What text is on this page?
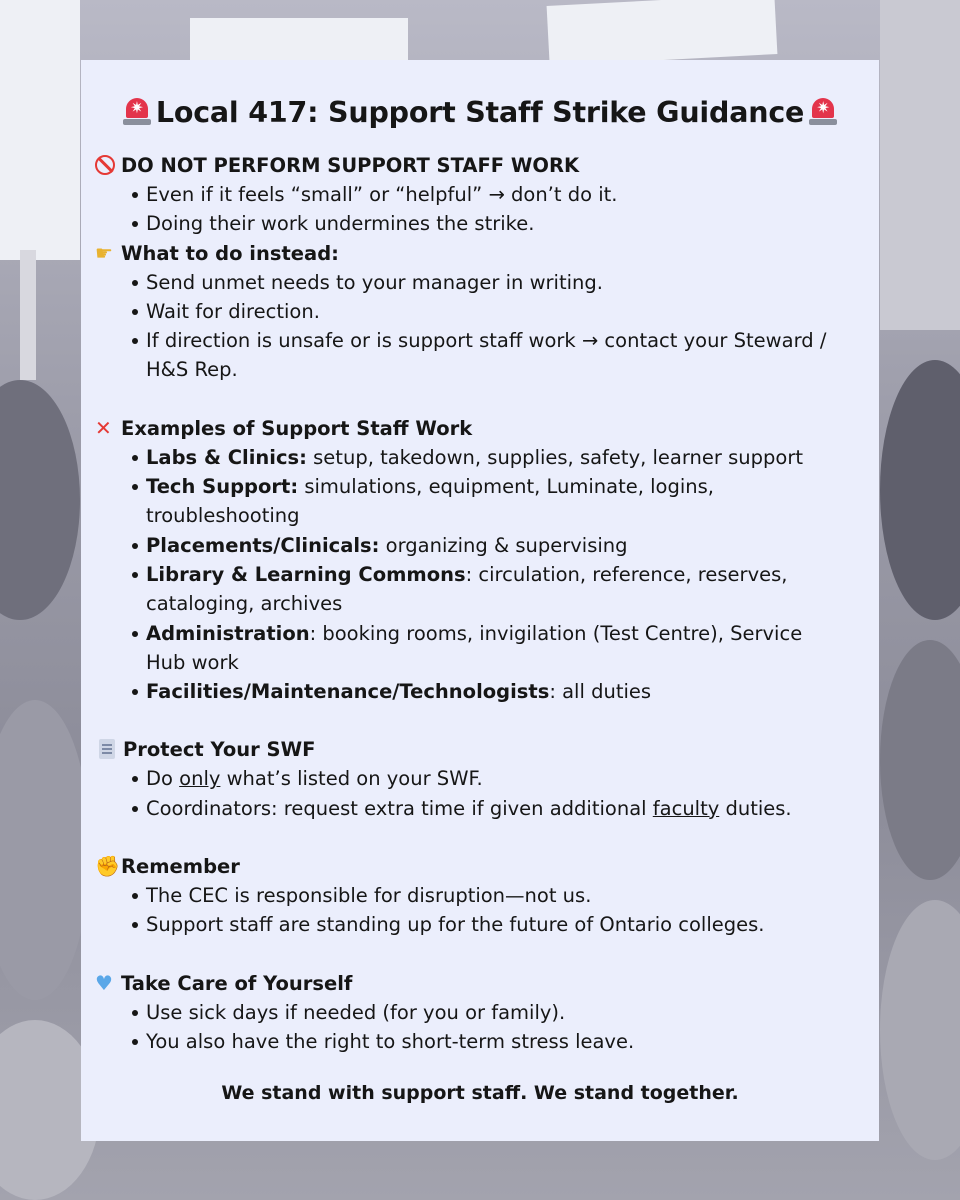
✷ Local 417: Support Staff Strike Guidance ✷
DO NOT PERFORM SUPPORT STAFF WORK
Even if it feels “small” or “helpful” → don’t do it.
Doing their work undermines the strike.
☛ What to do instead:
Send unmet needs to your manager in writing.
Wait for direction.
If direction is unsafe or is support staff work → contact your Steward / H&S Rep.
✕ Examples of Support Staff Work
Labs & Clinics: setup, takedown, supplies, safety, learner support
Tech Support: simulations, equipment, Luminate, logins, troubleshooting
Placements/Clinicals: organizing & supervising
Library & Learning Commons: circulation, reference, reserves, cataloging, archives
Administration: booking rooms, invigilation (Test Centre), Service Hub work
Facilities/Maintenance/Technologists: all duties
Protect Your SWF
Do only what’s listed on your SWF.
Coordinators: request extra time if given additional faculty duties.
✊Remember
The CEC is responsible for disruption—not us.
Support staff are standing up for the future of Ontario colleges.
♥ Take Care of Yourself
Use sick days if needed (for you or family).
You also have the right to short-term stress leave.
We stand with support staff. We stand together.
